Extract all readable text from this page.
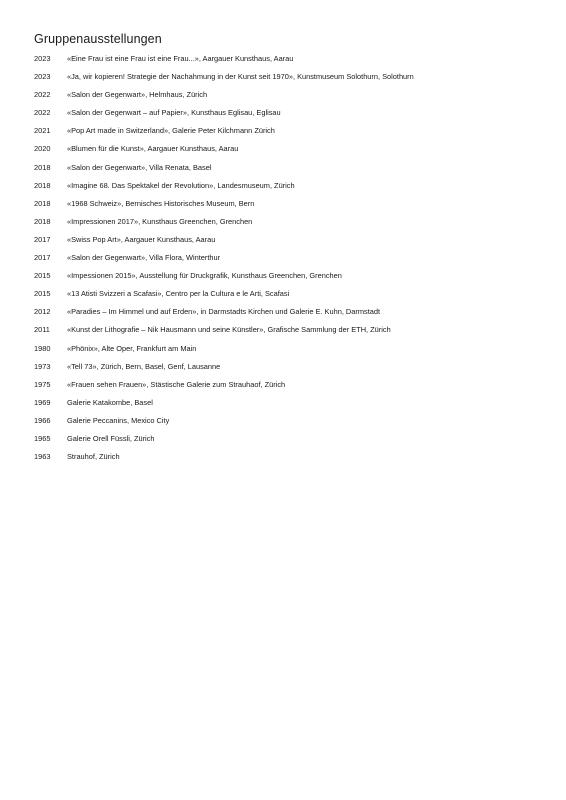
Gruppenausstellungen
2023	«Eine Frau ist eine Frau ist eine Frau...», Aargauer Kunsthaus, Aarau
2023	«Ja, wir kopieren! Strategie der Nachahmung in der Kunst seit 1970», Kunstmuseum Solothurn, Solothurn
2022	«Salon der Gegenwart», Helmhaus, Zürich
2022	«Salon der Gegenwart – auf Papier», Kunsthaus Eglisau, Eglisau
2021	«Pop Art made in Switzerland», Galerie Peter Kilchmann Zürich
2020	«Blumen für die Kunst», Aargauer Kunsthaus, Aarau
2018	«Salon der Gegenwart», Villa Renata, Basel
2018	«Imagine 68. Das Spektakel der Revolution», Landesmuseum, Zürich
2018	«1968 Schweiz», Bernisches Historisches Museum, Bern
2018	«Impressionen 2017», Kunsthaus Greenchen, Grenchen
2017	«Swiss Pop Art», Aargauer Kunsthaus, Aarau
2017	«Salon der Gegenwart», Villa Flora, Winterthur
2015	«Impessionen 2015», Ausstellung für Druckgrafik, Kunsthaus Greenchen, Grenchen
2015	«13 Atisti Svizzeri a Scafasi», Centro per la Cultura e le Arti, Scafasi
2012	«Paradies – Im Himmel und auf Erden», in Darmstadts Kirchen und Galerie E. Kuhn, Darmstadt
2011	«Kunst der Lithografie – Nik Hausmann und seine Künstler», Grafische Sammlung der ETH, Zürich
1980	«Phönix», Alte Oper, Frankfurt am Main
1973	«Tell 73», Zürich, Bern, Basel, Genf, Lausanne
1975	«Frauen sehen Frauen», Stästische Galerie zum Strauhaof, Zürich
1969	Galerie Katakombe, Basel
1966	Galerie Peccanins, Mexico City
1965	Galerie Orell Füssli, Zürich
1963	Strauhof, Zürich
